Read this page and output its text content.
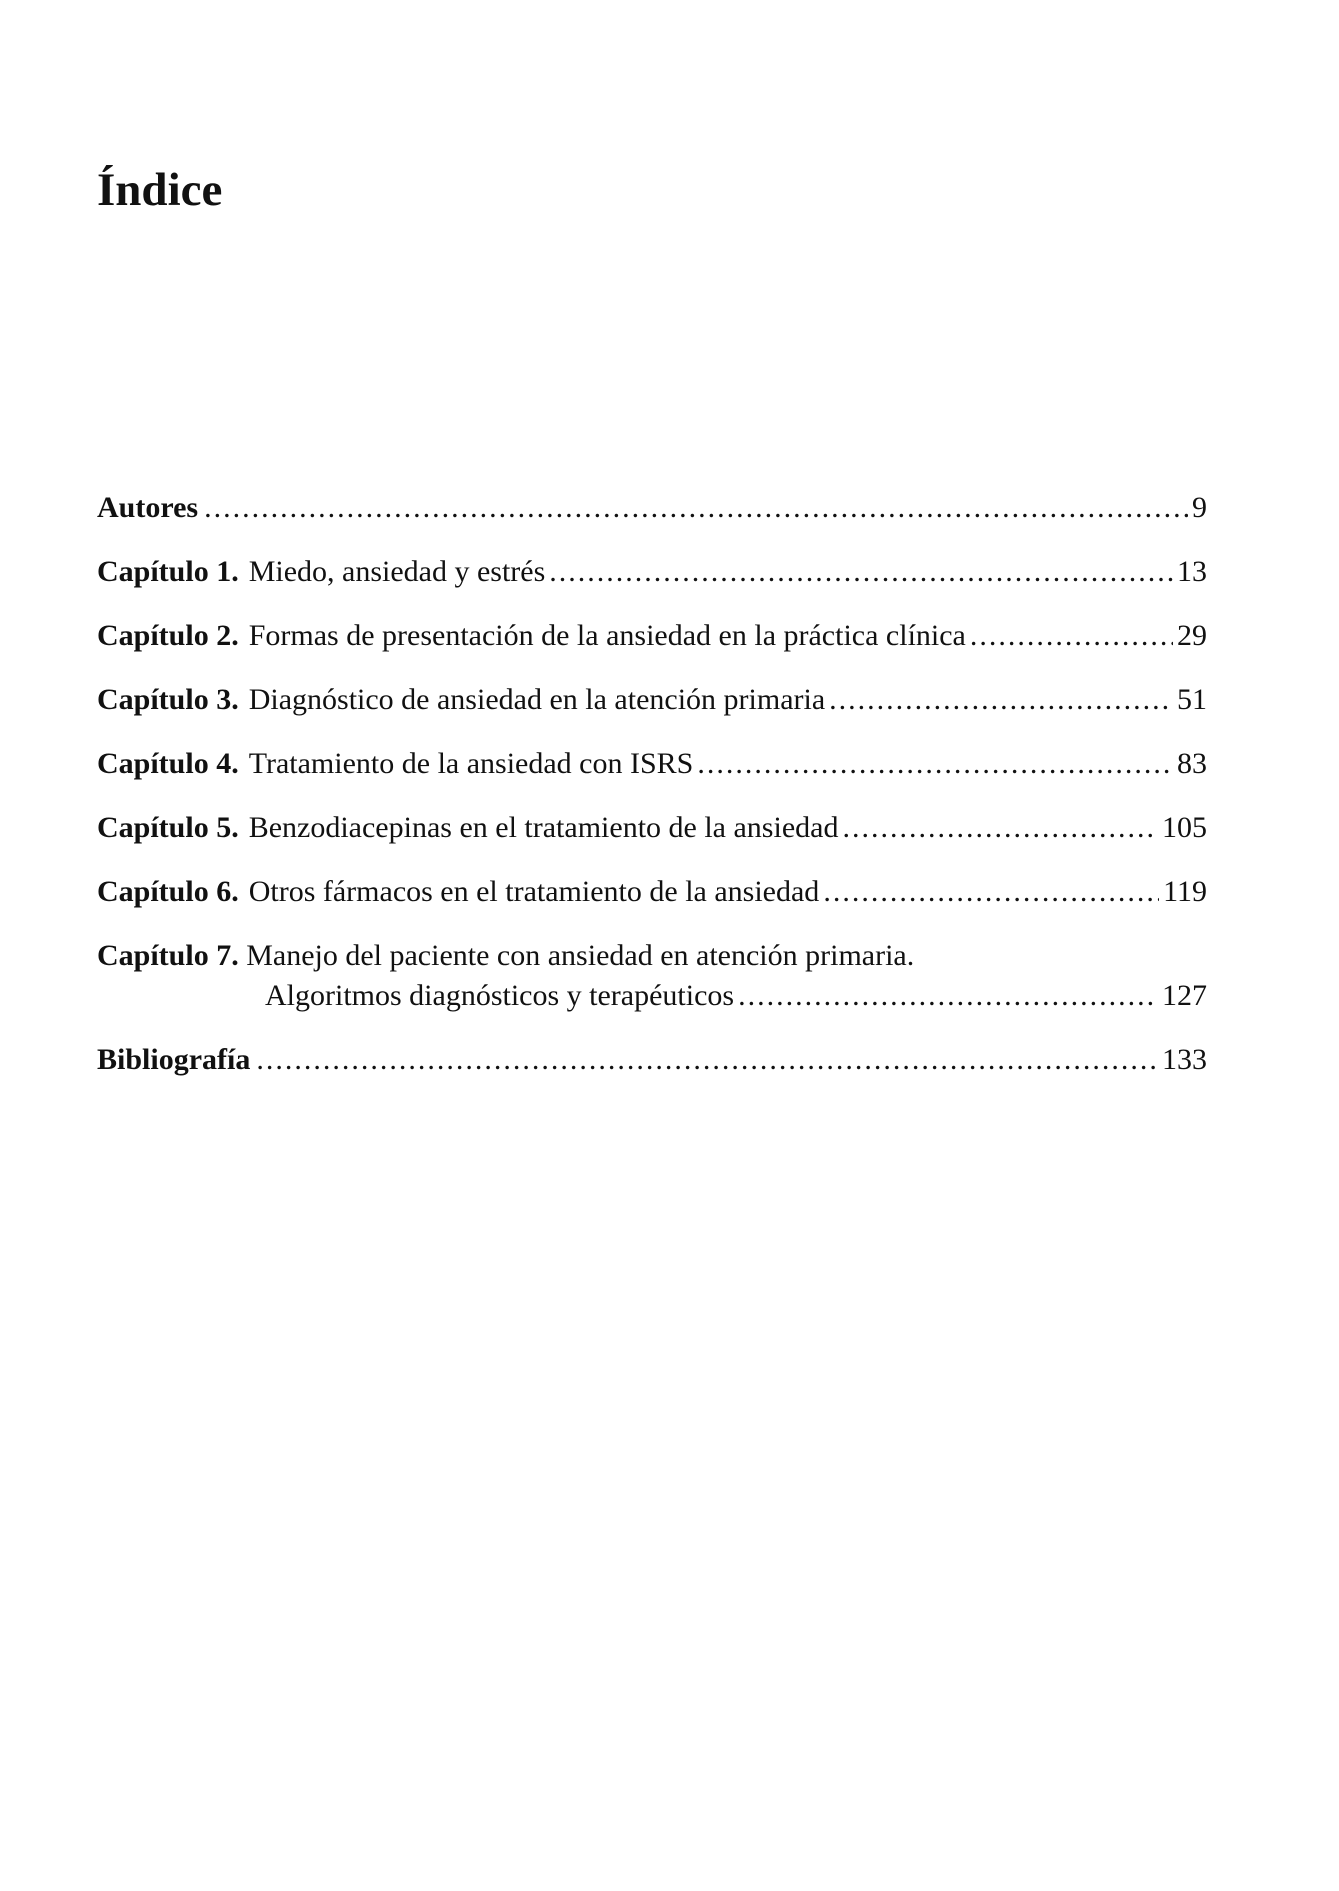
Índice
Autores .....	9
Capítulo 1. Miedo, ansiedad y estrés .....	13
Capítulo 2. Formas de presentación de la ansiedad en la práctica clínica .....	29
Capítulo 3. Diagnóstico de ansiedad en la atención primaria .....	51
Capítulo 4. Tratamiento de la ansiedad con ISRS .....	83
Capítulo 5. Benzodiacepinas en el tratamiento de la ansiedad .....	105
Capítulo 6. Otros fármacos en el tratamiento de la ansiedad .....	119
Capítulo 7. Manejo del paciente con ansiedad en atención primaria.
Algoritmos diagnósticos y terapéuticos .....	127
Bibliografía .....	133
